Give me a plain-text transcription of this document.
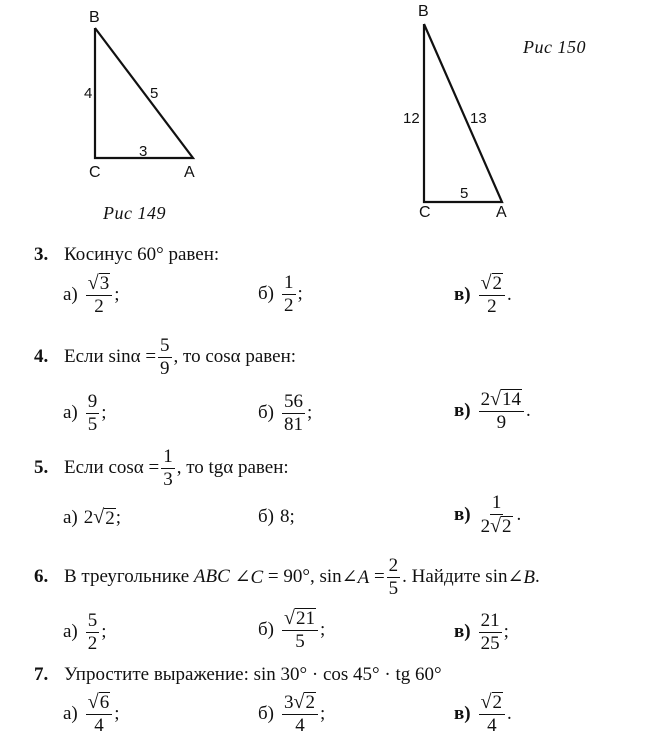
B
C	A
4	5
3
Рис 149
B
C	A
12	13
5
Рис 150
3. Косинус 60° равен:
$а) \frac{√ 3}{2}$ ;	$б) \frac{1}{2}$ ;	$в) \frac{√ 2}{2}$ .
4. Если $\sin\alpha = \frac{5}{9}$ , то cosα равен:
$а) \frac{9}{5}$ ;	$б) \frac{56}{81}$ ;	$в) \frac{2 √ 14}{9}$ .
5. Если $\cos\alpha = \frac{1}{3}$ , то tgα равен:
а) 2 √ 2 ;	б) 8;	$в) \frac{1}{2 √ 2}$ .
6. В треугольнике
ABC
∠C
= 90°, sin ∠A
= $\frac{2}{5}$ . Найдите sin ∠B .
$а) \frac{5}{2}$ ;	$б) \frac{√ 21}{5}$ ;	$в) \frac{21}{25}$ ;
7. Упростите выражение: sin 30° · cos 45° · tg 60°
$а) \frac{√ 6}{4}$ ;	$б) \frac{3 √ 2}{4}$ ;	$в) \frac{√ 2}{4}$ .
